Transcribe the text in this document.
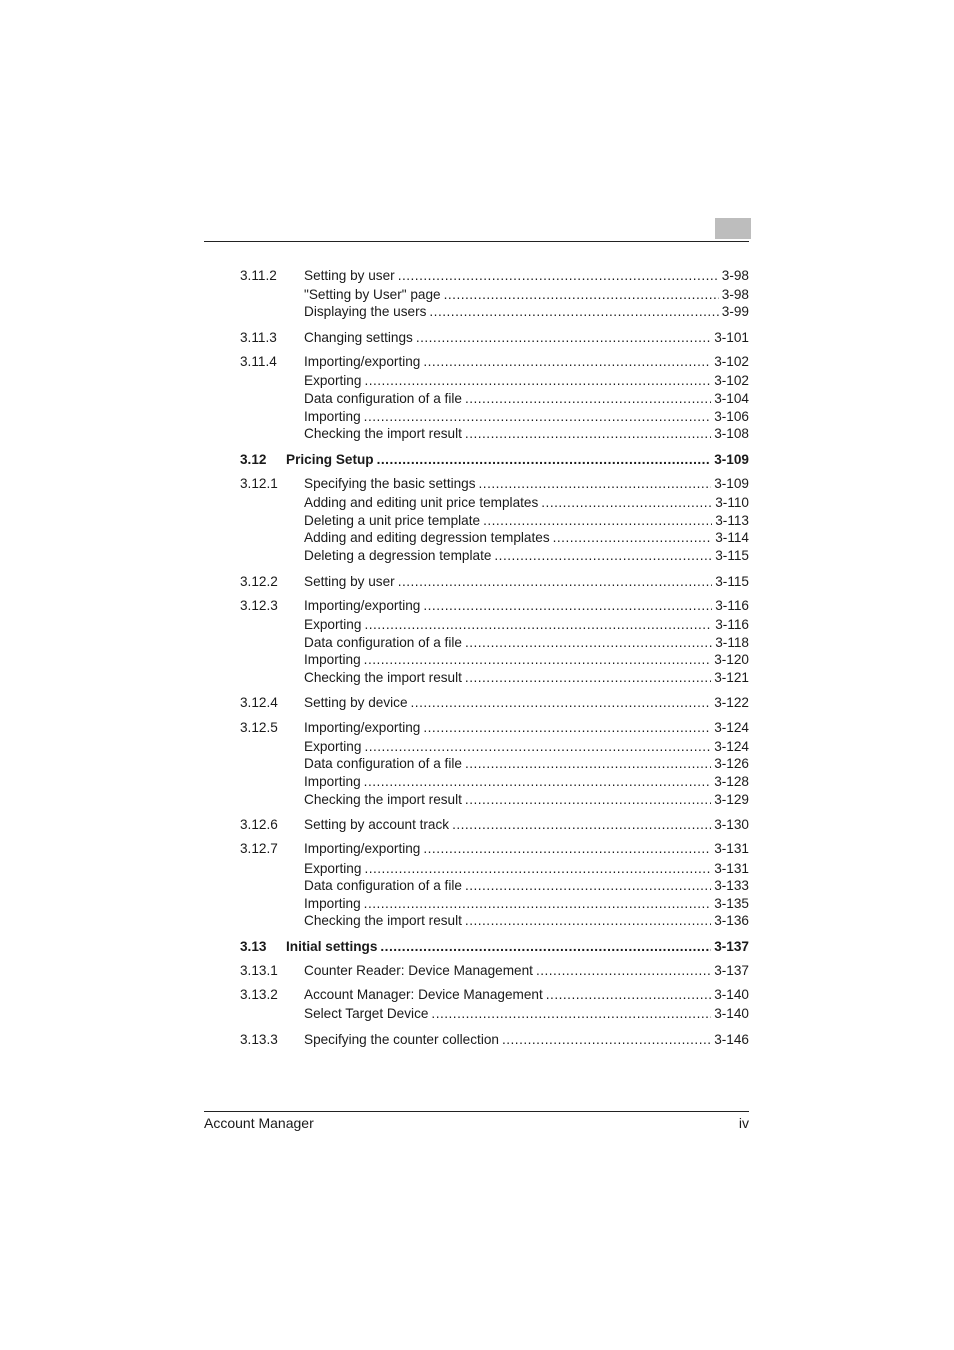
3.11.2 Setting by user .....	3-98
"Setting by User" page .....	3-98
Displaying the users .....	3-99
3.11.3 Changing settings .....	3-101
3.11.4 Importing/exporting .....	3-102
Exporting .....	3-102
Data configuration of a file .....	3-104
Importing .....	3-106
Checking the import result .....	3-108
3.12 Pricing Setup .....	3-109
3.12.1 Specifying the basic settings .....	3-109
Adding and editing unit price templates .....	3-110
Deleting a unit price template .....	3-113
Adding and editing degression templates .....	3-114
Deleting a degression template .....	3-115
3.12.2 Setting by user .....	3-115
3.12.3 Importing/exporting .....	3-116
Exporting .....	3-116
Data configuration of a file .....	3-118
Importing .....	3-120
Checking the import result .....	3-121
3.12.4 Setting by device .....	3-122
3.12.5 Importing/exporting .....	3-124
Exporting .....	3-124
Data configuration of a file .....	3-126
Importing .....	3-128
Checking the import result .....	3-129
3.12.6 Setting by account track .....	3-130
3.12.7 Importing/exporting .....	3-131
Exporting .....	3-131
Data configuration of a file .....	3-133
Importing .....	3-135
Checking the import result .....	3-136
3.13 Initial settings .....	3-137
3.13.1 Counter Reader: Device Management .....	3-137
3.13.2 Account Manager: Device Management .....	3-140
Select Target Device .....	3-140
3.13.3 Specifying the counter collection .....	3-146
Account Manager	iv
